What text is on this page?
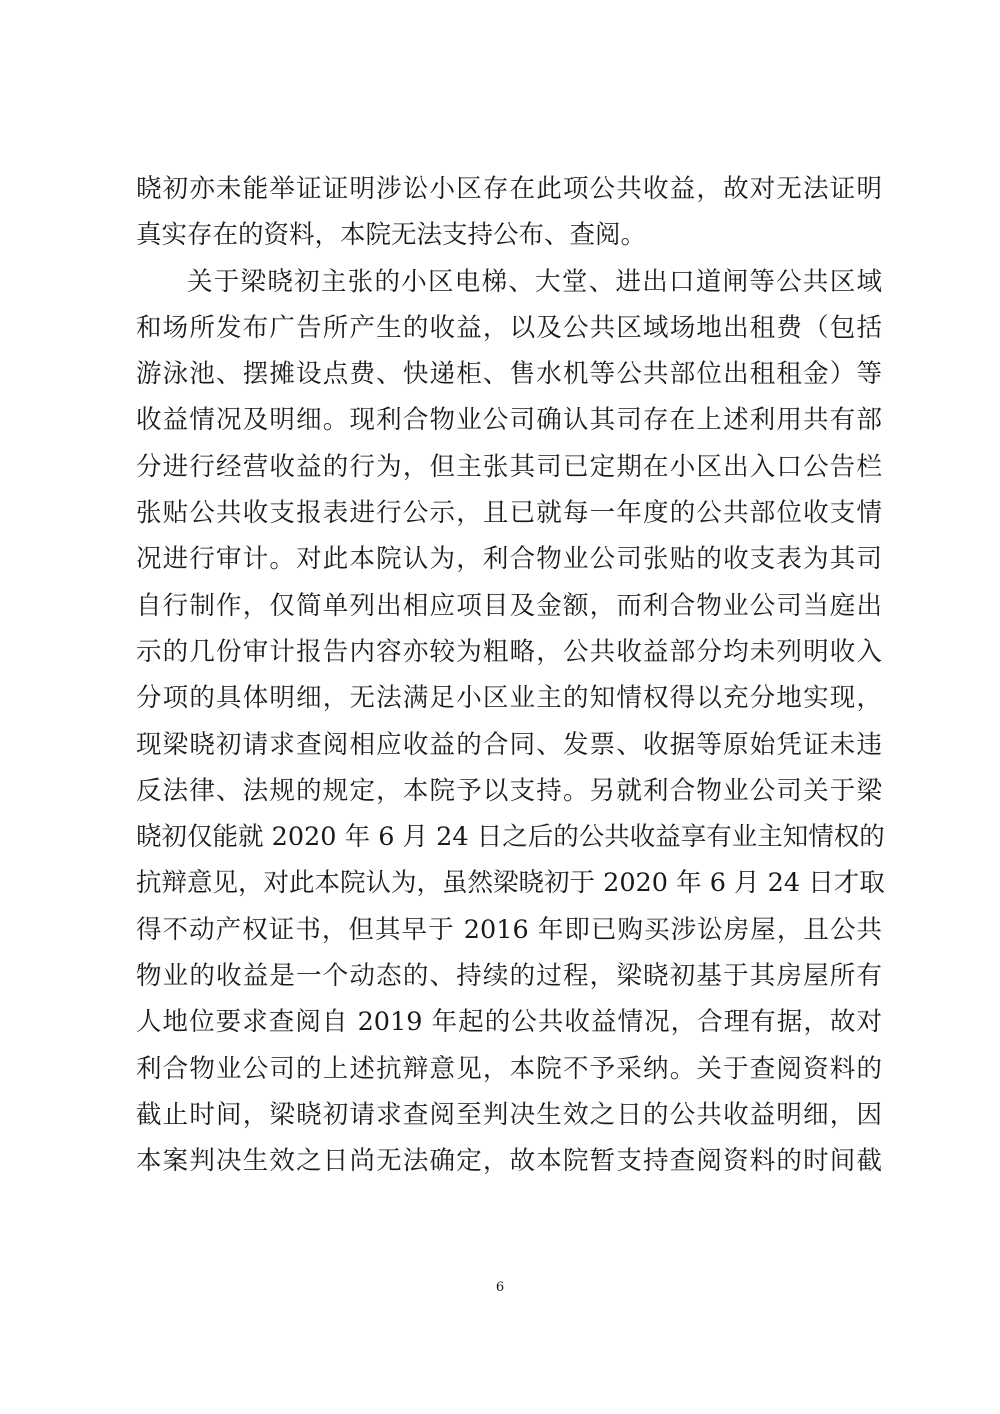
晓初亦未能举证证明涉讼小区存在此项公共收益，故对无法证明
真实存在的资料，本院无法支持公布、查阅。
关于梁晓初主张的小区电梯、大堂、进出口道闸等公共区域
和场所发布广告所产生的收益，以及公共区域场地出租费（包括
游泳池、摆摊设点费、快递柜、售水机等公共部位出租租金）等
收益情况及明细。现利合物业公司确认其司存在上述利用共有部
分进行经营收益的行为，但主张其司已定期在小区出入口公告栏
张贴公共收支报表进行公示，且已就每一年度的公共部位收支情
况进行审计。对此本院认为，利合物业公司张贴的收支表为其司
自行制作，仅简单列出相应项目及金额，而利合物业公司当庭出
示的几份审计报告内容亦较为粗略，公共收益部分均未列明收入
分项的具体明细，无法满足小区业主的知情权得以充分地实现，
现梁晓初请求查阅相应收益的合同、发票、收据等原始凭证未违
反法律、法规的规定，本院予以支持。另就利合物业公司关于梁
晓初仅能就 2020 年 6 月 24 日之后的公共收益享有业主知情权的
抗辩意见，对此本院认为，虽然梁晓初于 2020 年 6 月 24 日才取
得不动产权证书，但其早于 2016 年即已购买涉讼房屋，且公共
物业的收益是一个动态的、持续的过程，梁晓初基于其房屋所有
人地位要求查阅自 2019 年起的公共收益情况，合理有据，故对
利合物业公司的上述抗辩意见，本院不予采纳。关于查阅资料的
截止时间，梁晓初请求查阅至判决生效之日的公共收益明细，因
本案判决生效之日尚无法确定，故本院暂支持查阅资料的时间截
6
